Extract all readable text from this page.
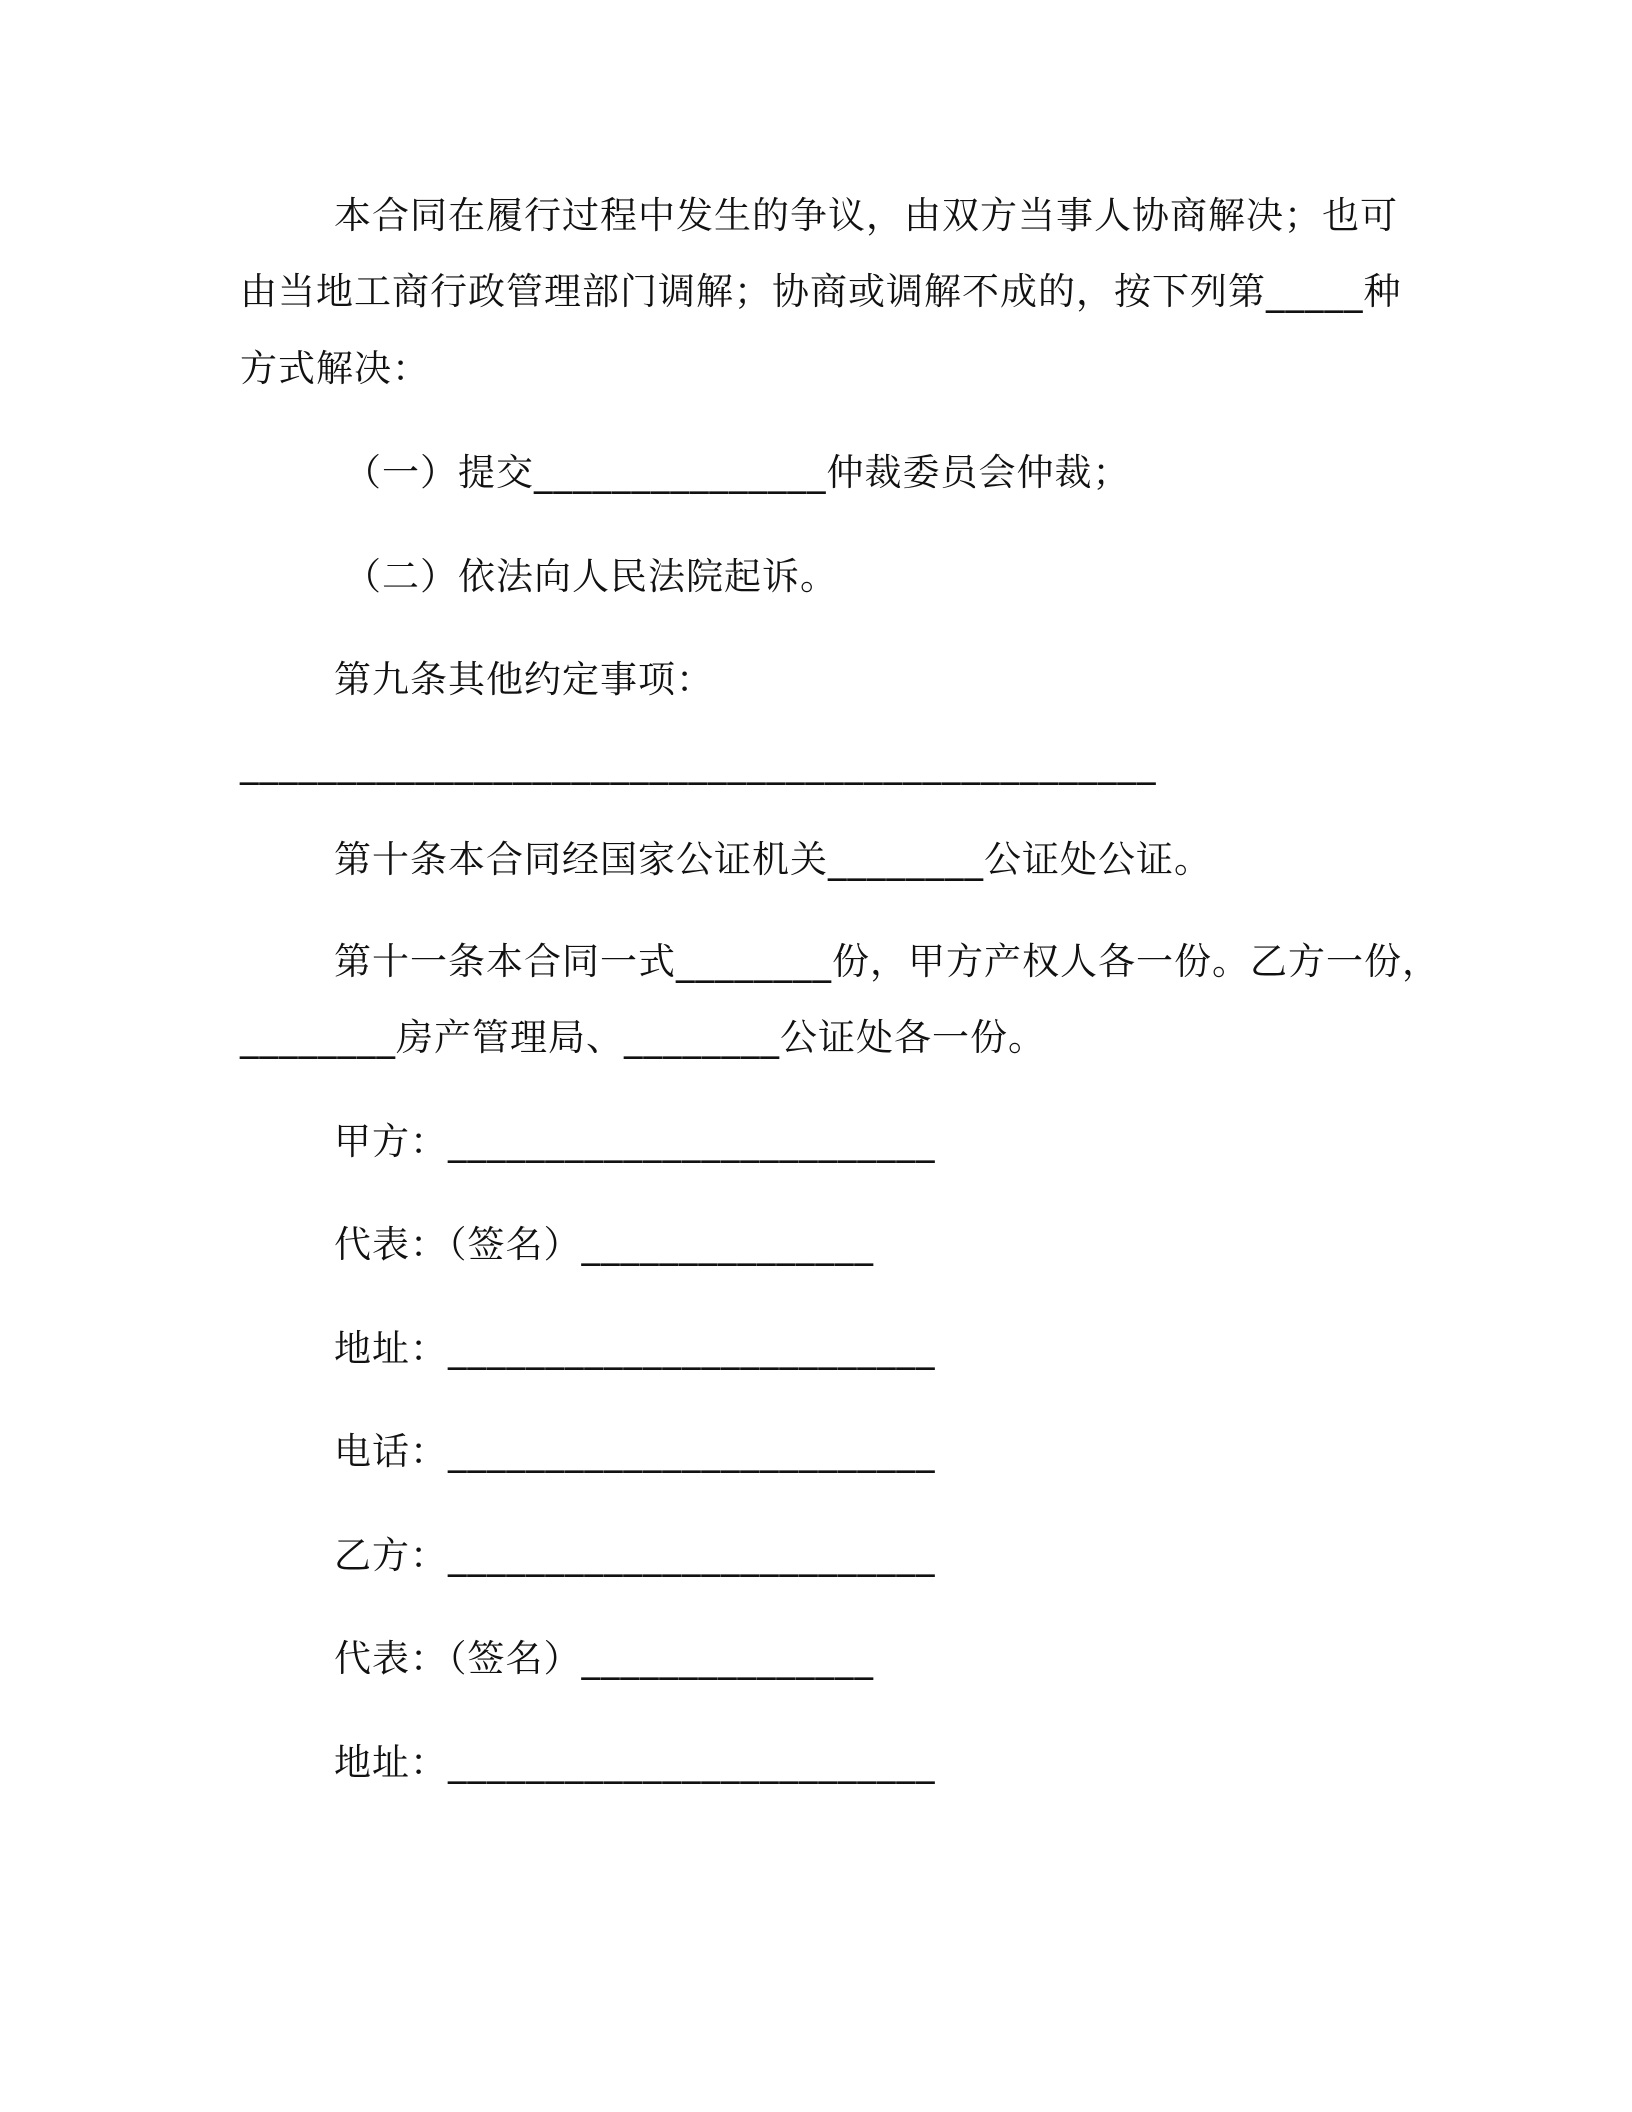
本合同在履行过程中发生的争议，由双方当事人协商解决；也可
由当地工商行政管理部门调解；协商或调解不成的，按下列第_____种
方式解决：
（一）提交_______________仲裁委员会仲裁；
（二）依法向人民法院起诉。
第九条其他约定事项：
_______________________________________________
第十条本合同经国家公证机关________公证处公证。
第十一条本合同一式________份，甲方产权人各一份。乙方一份，
________房产管理局、________公证处各一份。
甲方：_________________________
代表：（签名）_______________
地址：_________________________
电话：_________________________
乙方：_________________________
代表：（签名）_______________
地址：_________________________
